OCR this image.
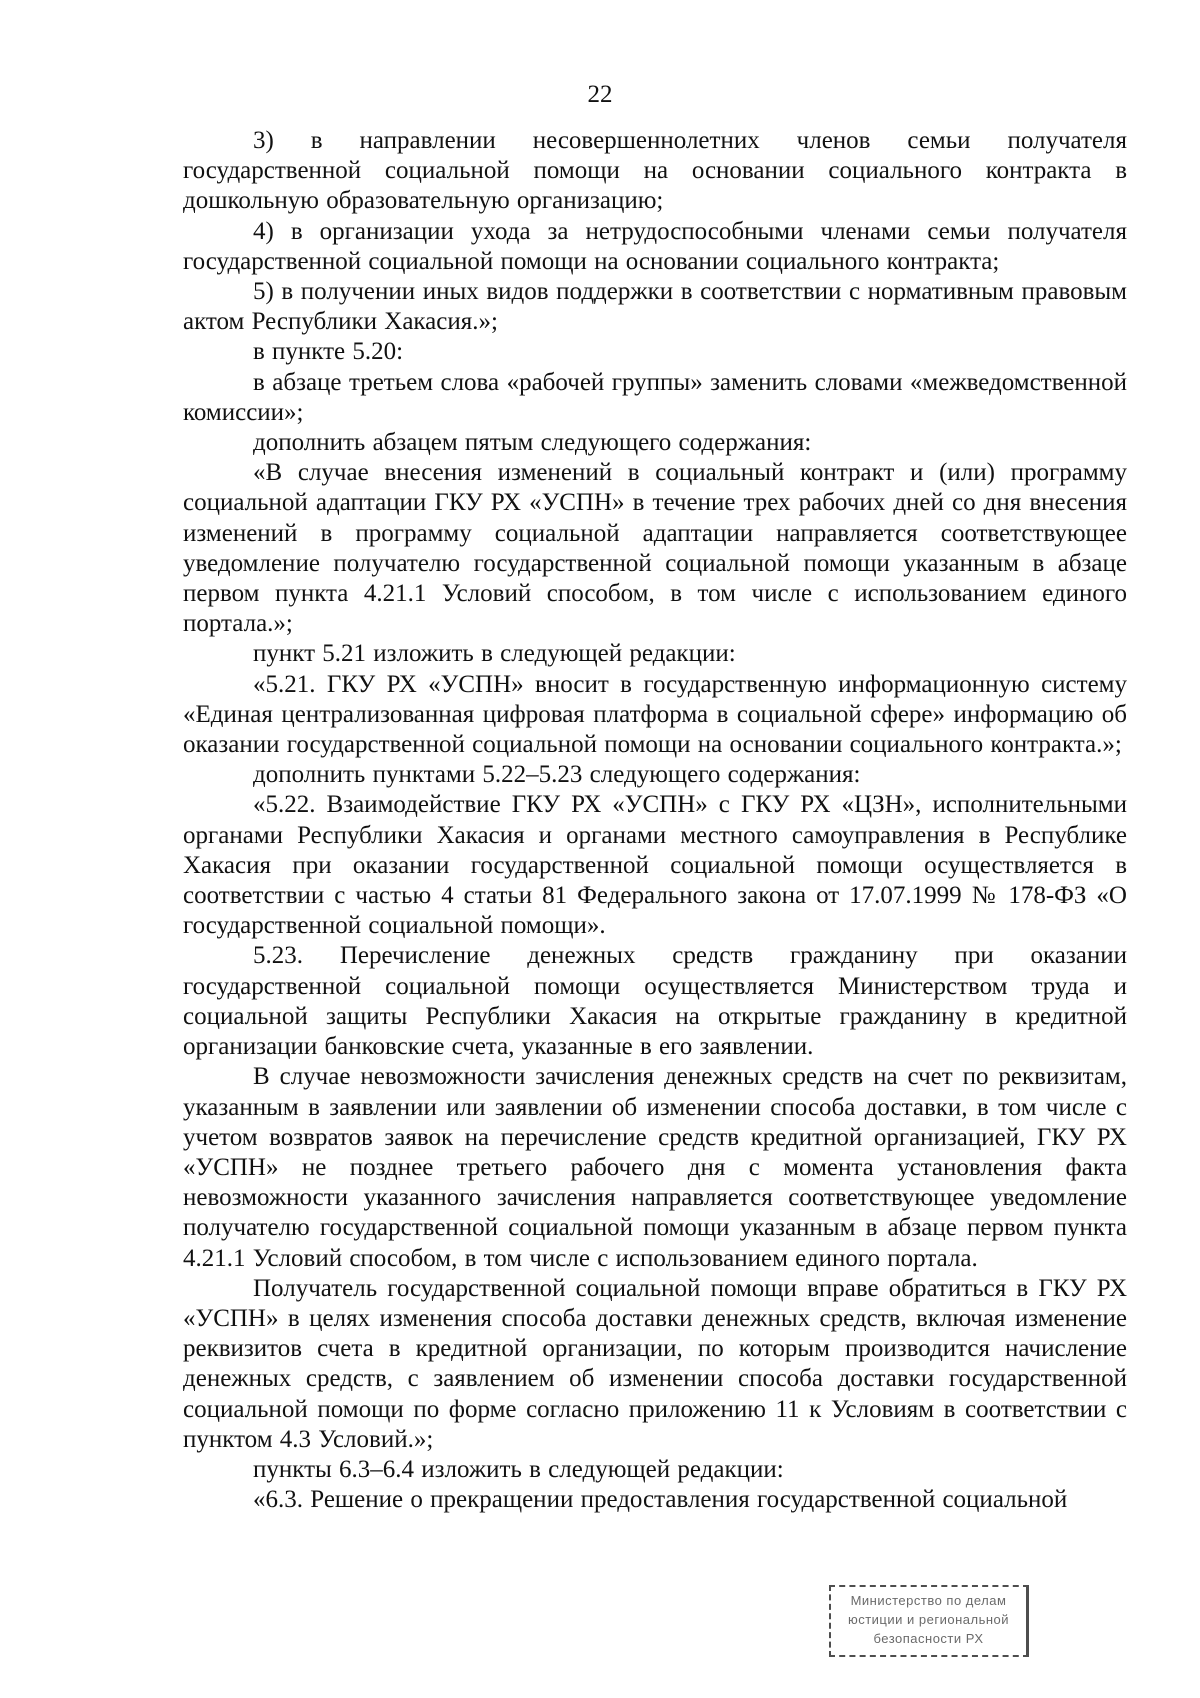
22

3) в направлении несовершеннолетних членов семьи получателя государственной социальной помощи на основании социального контракта в дошкольную образовательную организацию;

4) в организации ухода за нетрудоспособными членами семьи получателя государственной социальной помощи на основании социального контракта;

5) в получении иных видов поддержки в соответствии с нормативным правовым актом Республики Хакасия.»;

в пункте 5.20:

в абзаце третьем слова «рабочей группы» заменить словами «межведомственной комиссии»;

дополнить абзацем пятым следующего содержания:

«В случае внесения изменений в социальный контракт и (или) программу социальной адаптации ГКУ РХ «УСПН» в течение трех рабочих дней со дня внесения изменений в программу социальной адаптации направляется соответствующее уведомление получателю государственной социальной помощи указанным в абзаце первом пункта 4.21.1 Условий способом, в том числе с использованием единого портала.»;

пункт 5.21 изложить в следующей редакции:

«5.21. ГКУ РХ «УСПН» вносит в государственную информационную систему «Единая централизованная цифровая платформа в социальной сфере» информацию об оказании государственной социальной помощи на основании социального контракта.»;

дополнить пунктами 5.22–5.23 следующего содержания:

«5.22. Взаимодействие ГКУ РХ «УСПН» с ГКУ РХ «ЦЗН», исполнительными органами Республики Хакасия и органами местного самоуправления в Республике Хакасия при оказании государственной социальной помощи осуществляется в соответствии с частью 4 статьи 81 Федерального закона от 17.07.1999 № 178-ФЗ «О государственной социальной помощи».

5.23. Перечисление денежных средств гражданину при оказании государственной социальной помощи осуществляется Министерством труда и социальной защиты Республики Хакасия на открытые гражданину в кредитной организации банковские счета, указанные в его заявлении.

В случае невозможности зачисления денежных средств на счет по реквизитам, указанным в заявлении или заявлении об изменении способа доставки, в том числе с учетом возвратов заявок на перечисление средств кредитной организацией, ГКУ РХ «УСПН» не позднее третьего рабочего дня с момента установления факта невозможности указанного зачисления направляется соответствующее уведомление получателю государственной социальной помощи указанным в абзаце первом пункта 4.21.1 Условий способом, в том числе с использованием единого портала.

Получатель государственной социальной помощи вправе обратиться в ГКУ РХ «УСПН» в целях изменения способа доставки денежных средств, включая изменение реквизитов счета в кредитной организации, по которым производится начисление денежных средств, с заявлением об изменении способа доставки государственной социальной помощи по форме согласно приложению 11 к Условиям в соответствии с пунктом 4.3 Условий.»;

пункты 6.3–6.4 изложить в следующей редакции:

«6.3. Решение о прекращении предоставления государственной социальной

Министерство по делам
юстиции и региональной
безопасности РХ
